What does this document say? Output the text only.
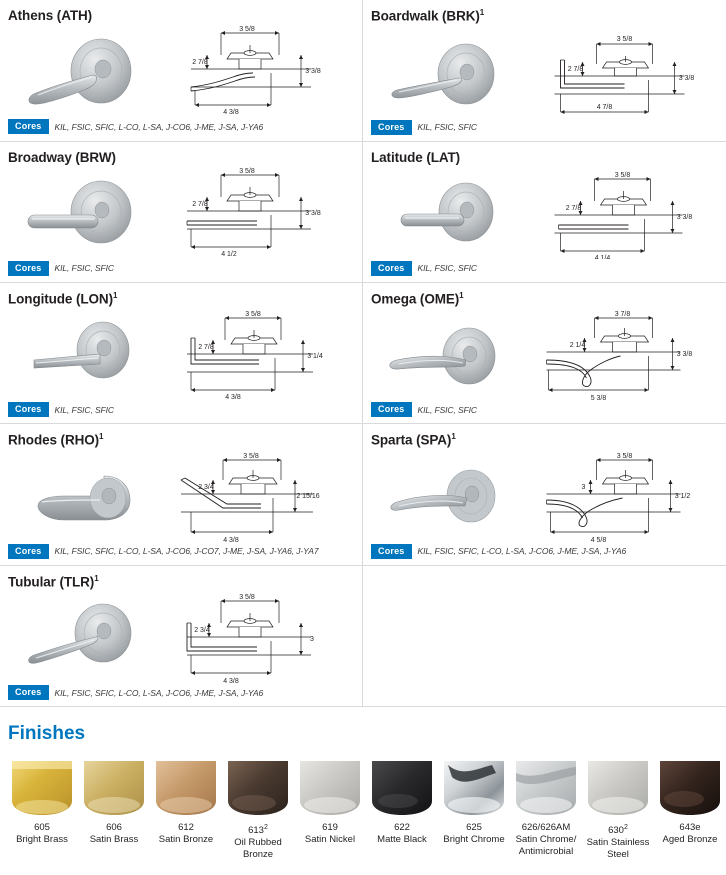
Athens (ATH)
3 5/8
2 7/8
3 3/8
4 3/8
Cores	KIL, FSIC, SFIC, L-CO, L-SA, J-CO6, J-ME, J-SA, J-YA6
Boardwalk (BRK)$^1$
3 5/8
2 7/8
3 3/8
4 7/8
Cores	KIL, FSIC, SFIC
Broadway (BRW)
3 5/8
2 7/8
3 3/8
4 1/2
Cores	KIL, FSIC, SFIC
Latitude (LAT)
3 5/8
2 7/8
3 3/8
4 1/4
Cores	KIL, FSIC, SFIC
Longitude (LON)$^1$
3 5/8
2 7/8
3 1/4
4 3/8
Cores	KIL, FSIC, SFIC
Omega (OME)$^1$
3 7/8
2 1/4
3 3/8
5 3/8
Cores	KIL, FSIC, SFIC
Rhodes (RHO)$^1$
3 5/8
2 3/4
2 15/16
4 3/8
Cores	KIL, FSIC, SFIC, L-CO, L-SA, J-CO6, J-CO7, J-ME, J-SA, J-YA6, J-YA7
Sparta (SPA)$^1$
3 5/8
3
3 1/2
4 5/8
Cores	KIL, FSIC, SFIC, L-CO, L-SA, J-CO6, J-ME, J-SA, J-YA6
Tubular (TLR)$^1$
3 5/8
2 3/4
3
4 3/8
Cores	KIL, FSIC, SFIC, L-CO, L-SA, J-CO6, J-ME, J-SA, J-YA6
Finishes
605
Bright Brass
606
Satin Brass
612
Satin Bronze
$613^2$
Oil Rubbed Bronze
619
Satin Nickel
622
Matte Black
625
Bright Chrome
626/626AM
Satin Chrome/ Antimicrobial
$630^2$
Satin Stainless Steel
643e
Aged Bronze
